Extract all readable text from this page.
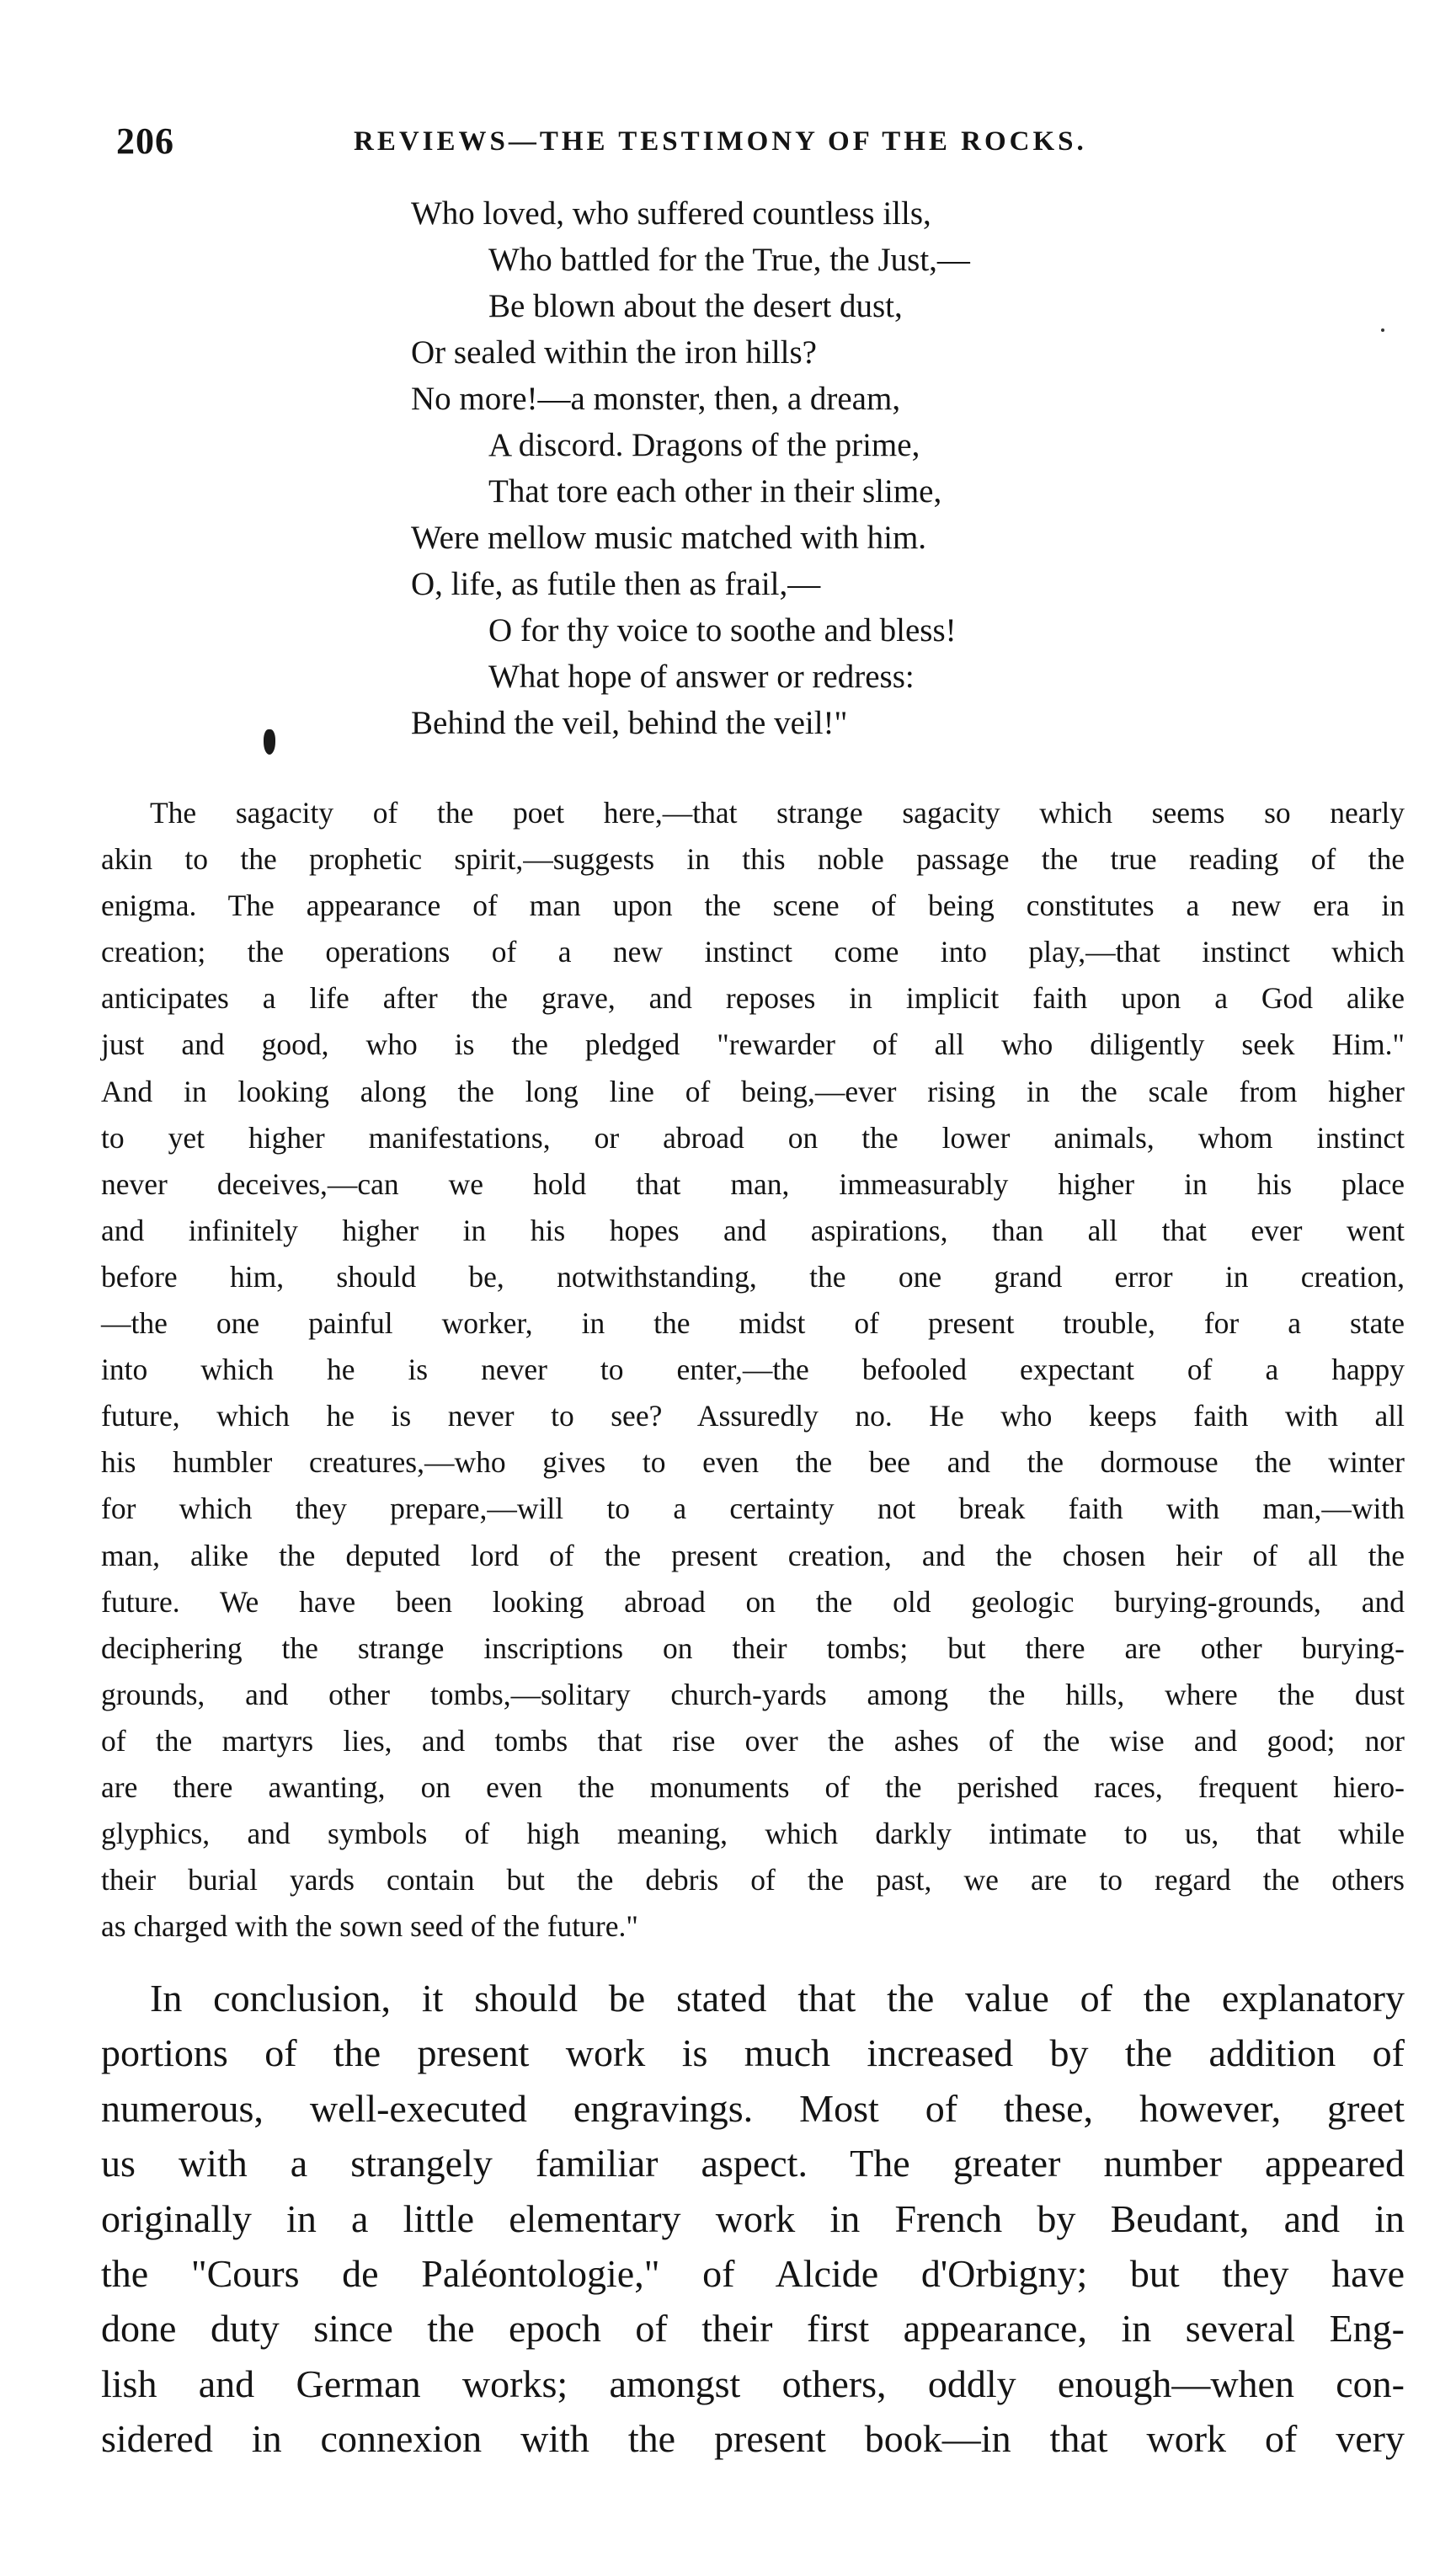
206	REVIEWS—THE TESTIMONY OF THE ROCKS.
Who loved, who suffered countless ills,
Who battled for the True, the Just,—
Be blown about the desert dust,
Or sealed within the iron hills?
No more!—a monster, then, a dream,
A discord. Dragons of the prime,
That tore each other in their slime,
Were mellow music matched with him.
O, life, as futile then as frail,—
O for thy voice to soothe and bless!
What hope of answer or redress:
Behind the veil, behind the veil!"
The sagacity of the poet here,—that strange sagacity which seems so nearly
akin to the prophetic spirit,—suggests in this noble passage the true reading of the
enigma. The appearance of man upon the scene of being constitutes a new era in
creation; the operations of a new instinct come into play,—that instinct which
anticipates a life after the grave, and reposes in implicit faith upon a God alike
just and good, who is the pledged "rewarder of all who diligently seek Him."
And in looking along the long line of being,—ever rising in the scale from higher
to yet higher manifestations, or abroad on the lower animals, whom instinct
never deceives,—can we hold that man, immeasurably higher in his place
and infinitely higher in his hopes and aspirations, than all that ever went
before him, should be, notwithstanding, the one grand error in creation,
—the one painful worker, in the midst of present trouble, for a state
into which he is never to enter,—the befooled expectant of a happy
future, which he is never to see? Assuredly no. He who keeps faith with all
his humbler creatures,—who gives to even the bee and the dormouse the winter
for which they prepare,—will to a certainty not break faith with man,—with
man, alike the deputed lord of the present creation, and the chosen heir of all the
future. We have been looking abroad on the old geologic burying-grounds, and
deciphering the strange inscriptions on their tombs; but there are other burying-
grounds, and other tombs,—solitary church-yards among the hills, where the dust
of the martyrs lies, and tombs that rise over the ashes of the wise and good; nor
are there awanting, on even the monuments of the perished races, frequent hiero-
glyphics, and symbols of high meaning, which darkly intimate to us, that while
their burial yards contain but the debris of the past, we are to regard the others
as charged with the sown seed of the future."
In conclusion, it should be stated that the value of the explanatory
portions of the present work is much increased by the addition of
numerous, well-executed engravings. Most of these, however, greet
us with a strangely familiar aspect. The greater number appeared
originally in a little elementary work in French by Beudant, and in
the "Cours de Paléontologie," of Alcide d'Orbigny; but they have
done duty since the epoch of their first appearance, in several Eng-
lish and German works; amongst others, oddly enough—when con-
sidered in connexion with the present book—in that work of very
